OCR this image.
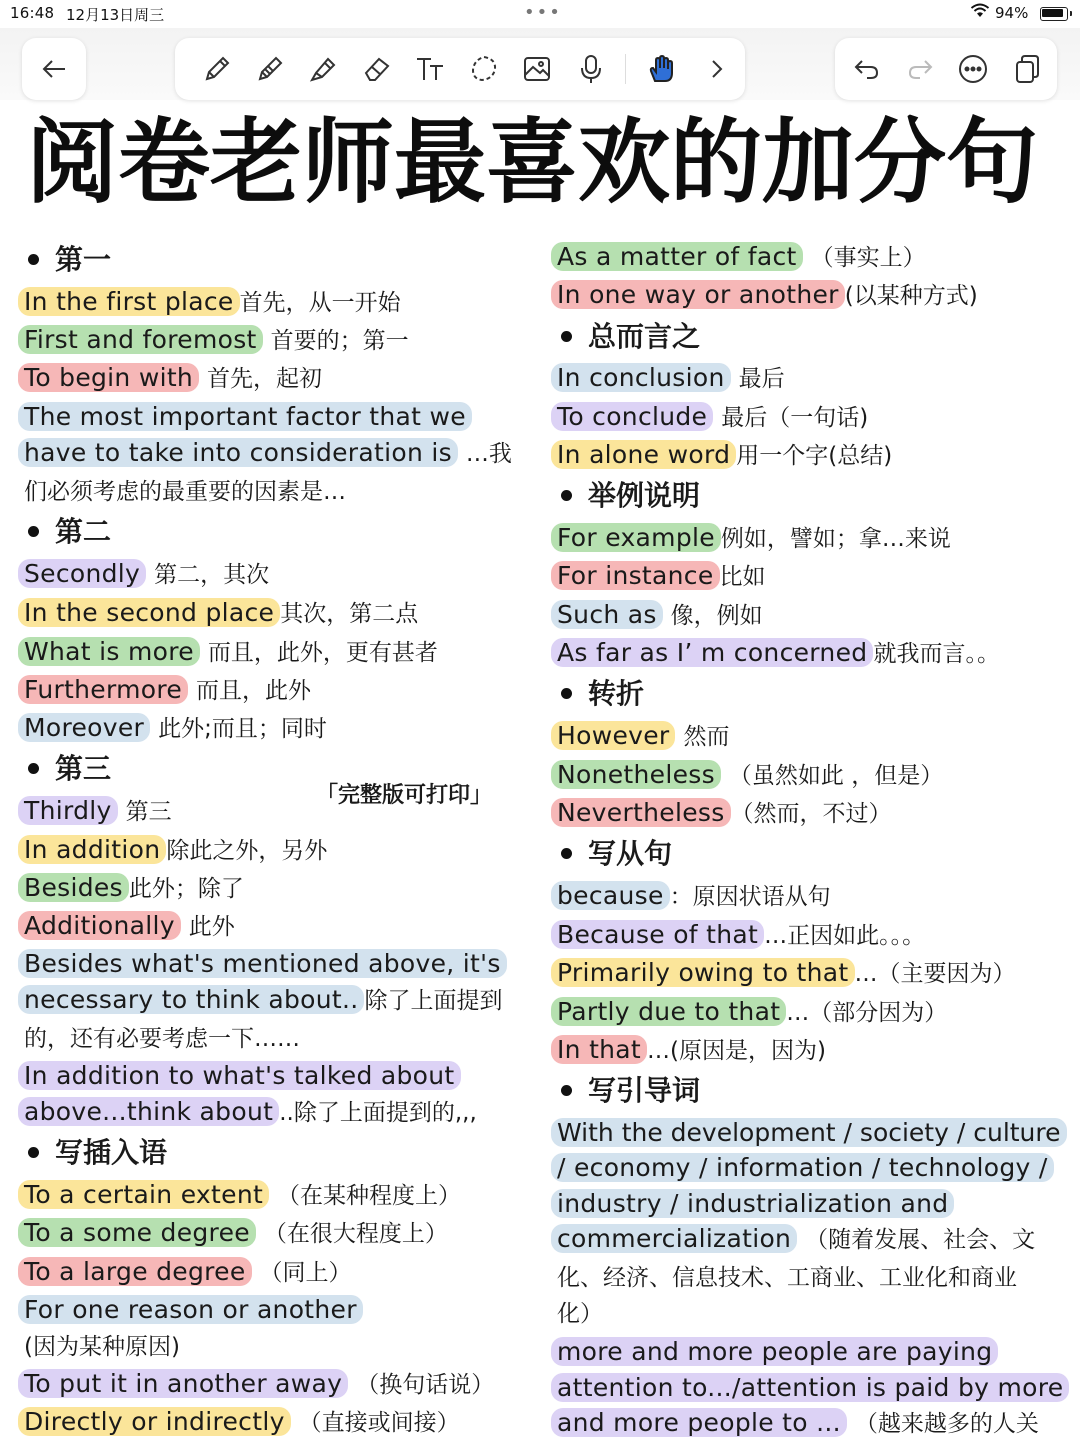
16:48 12月13日周三	•••	94%
阅卷老师最喜欢的加分句
第一
In the first place 首先，从一开始
First and foremost 首要的；第一
To begin with 首先，起初
The most important factor that we
have to take into consideration is …我
们必须考虑的最重要的因素是…
第二
Secondly 第二，其次
In the second place 其次，第二点
What is more 而且，此外，更有甚者
Furthermore 而且，此外
Moreover 此外;而且；同时
第三
「完整版可打印」
Thirdly 第三
In addition 除此之外，另外
Besides 此外；除了
Additionally 此外
Besides what's mentioned above, it's
necessary to think about.. 除了上面提到
的，还有必要考虑一下……
In addition to what's talked about
above...think about ..除了上面提到的,,,
写插入语
To a certain extent （在某种程度上）
To a some degree （在很大程度上）
To a large degree （同上）
For one reason or another
(因为某种原因)
To put it in another away （换句话说）
Directly or indirectly （直接或间接）
As a matter of fact （事实上）
In one way or another (以某种方式)
总而言之
In conclusion 最后
To conclude 最后（一句话)
In alone word 用一个字(总结)
举例说明
For example 例如，譬如；拿…来说
For instance 比如
Such as 像，例如
As far as I’ m concerned 就我而言。。
转折
However 然而
Nonetheless （虽然如此 ，但是）
Nevertheless （然而，不过）
写从句
because ：原因状语从句
Because of that …正因如此。。。
Primarily owing to that …（主要因为）
Partly due to that …（部分因为）
In that …(原因是，因为)
写引导词
With the development / society / culture
/ economy / information / technology /
industry / industrialization and
commercialization （随着发展、社会、文
化、经济、信息技术、工商业、工业化和商业
化）
more and more people are paying
attention to.../attention is paid by more
and more people to ... （越来越多的人关
